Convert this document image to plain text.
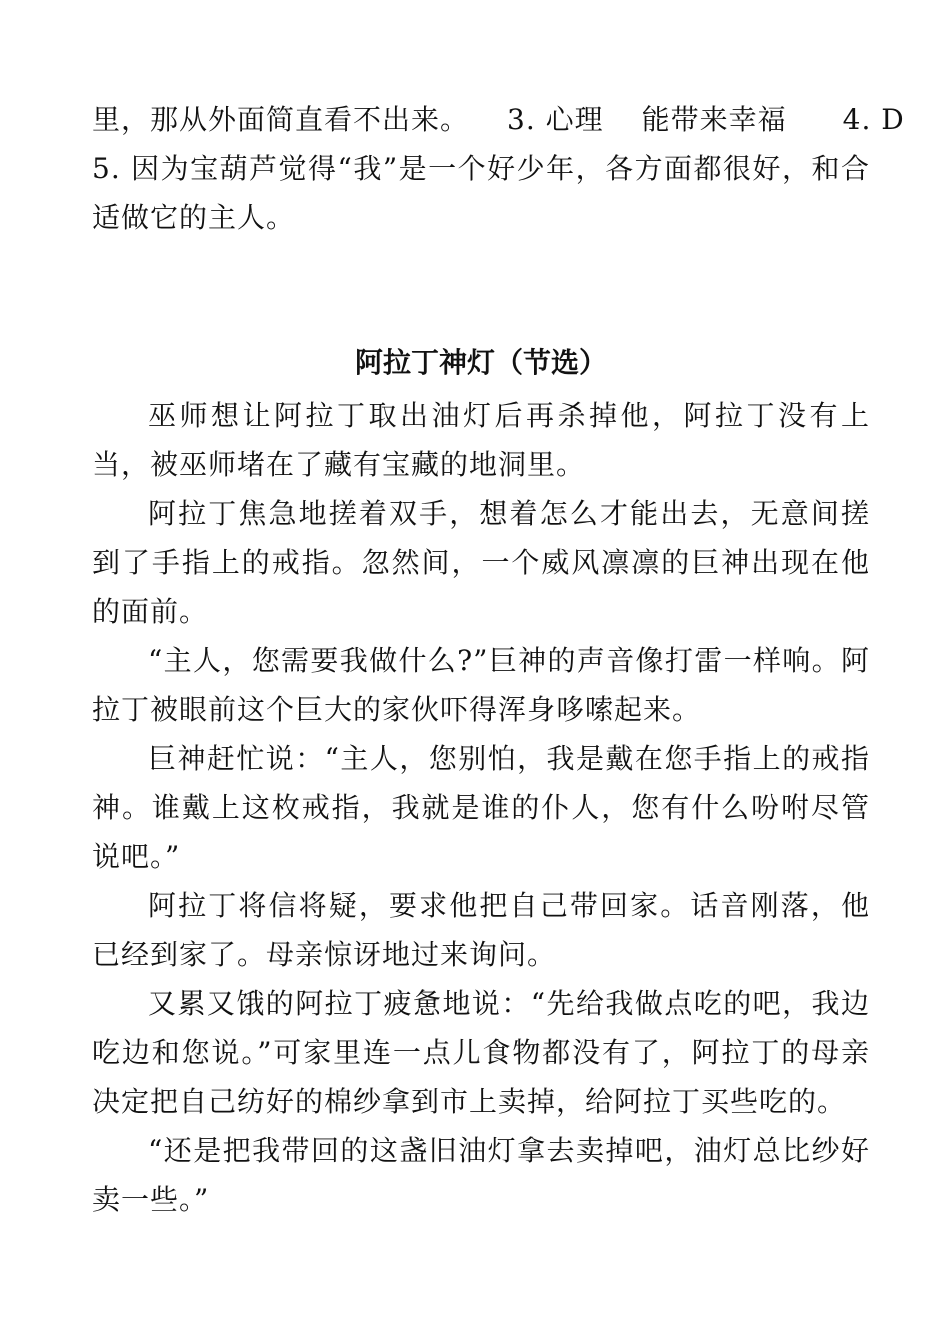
里，那从外面简直看不出来。 3. 心理 能带来幸福 4. D

5. 因为宝葫芦觉得“我”是一个好少年，各方面都很好，和合适做它的主人。

阿拉丁神灯（节选）

巫师想让阿拉丁取出油灯后再杀掉他，阿拉丁没有上当，被巫师堵在了藏有宝藏的地洞里。

阿拉丁焦急地搓着双手，想着怎么才能出去，无意间搓到了手指上的戒指。忽然间，一个威风凛凛的巨神出现在他的面前。

“主人，您需要我做什么?”巨神的声音像打雷一样响。阿拉丁被眼前这个巨大的家伙吓得浑身哆嗦起来。

巨神赶忙说：“主人，您别怕，我是戴在您手指上的戒指神。谁戴上这枚戒指，我就是谁的仆人，您有什么吩咐尽管说吧。”

阿拉丁将信将疑，要求他把自己带回家。话音刚落，他已经到家了。母亲惊讶地过来询问。

又累又饿的阿拉丁疲惫地说：“先给我做点吃的吧，我边吃边和您说。”可家里连一点儿食物都没有了，阿拉丁的母亲决定把自己纺好的棉纱拿到市上卖掉，给阿拉丁买些吃的。

“还是把我带回的这盏旧油灯拿去卖掉吧，油灯总比纱好卖一些。”
